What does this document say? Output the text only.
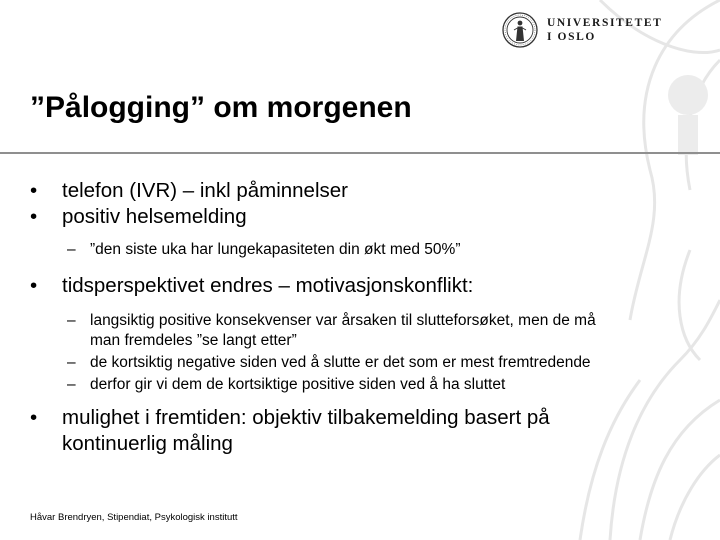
UNIVERSITETET
I OSLO
”Pålogging” om morgenen
• telefon (IVR) – inkl påminnelser
• positiv helsemelding
– ”den siste uka har lungekapasiteten din økt med 50%”
• tidsperspektivet endres – motivasjonskonflikt:
– langsiktig positive konsekvenser var årsaken til slutteforsøket, men de må man fremdeles ”se langt etter”
– de kortsiktig negative siden ved å slutte er det som er mest fremtredende
– derfor gir vi dem de kortsiktige positive siden ved å ha sluttet
• mulighet i fremtiden: objektiv tilbakemelding basert på kontinuerlig måling
Håvar Brendryen, Stipendiat, Psykologisk institutt
